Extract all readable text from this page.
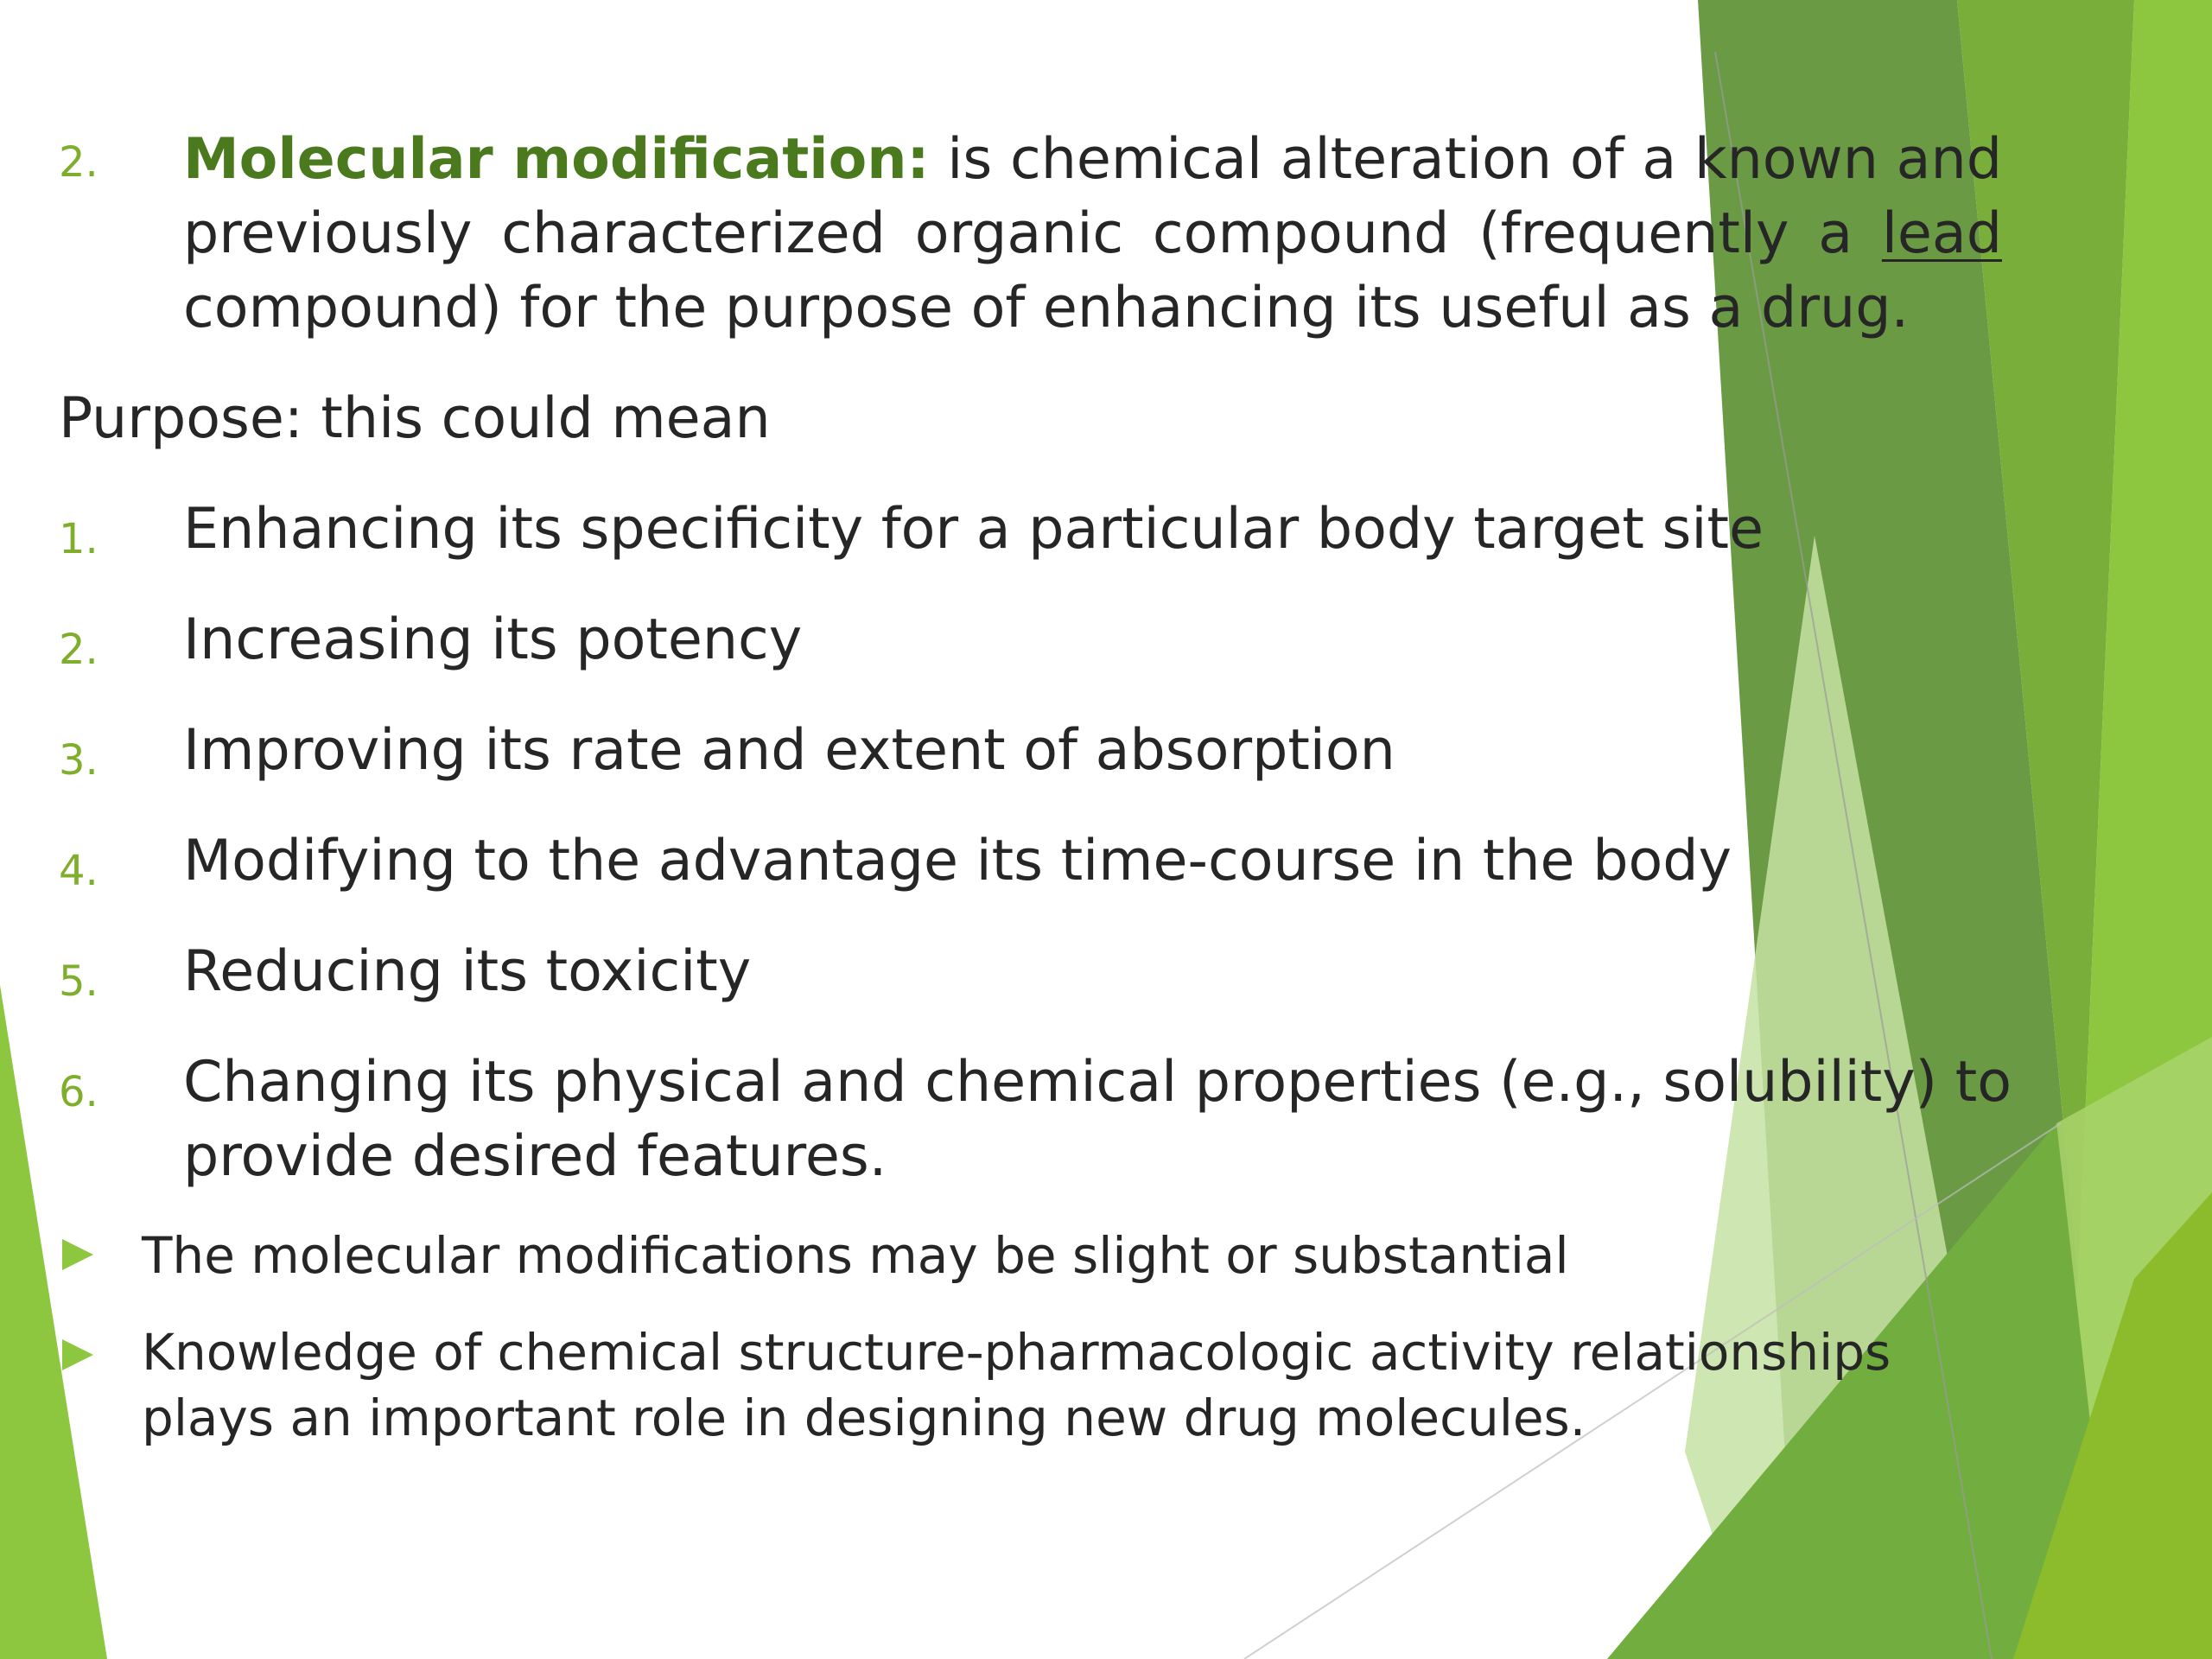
2. Molecular modification: is chemical alteration of a known and

previously characterized organic compound (frequently a lead

compound) for the purpose of enhancing its useful as a drug.

Purpose: this could mean

1. Enhancing its specificity for a particular body target site

2. Increasing its potency

3. Improving its rate and extent of absorption

4. Modifying to the advantage its time-course in the body

5. Reducing its toxicity

6. Changing its physical and chemical properties (e.g., solubility) to

provide desired features.

The molecular modifications may be slight or substantial

Knowledge of chemical structure-pharmacologic activity relationships

plays an important role in designing new drug molecules.
